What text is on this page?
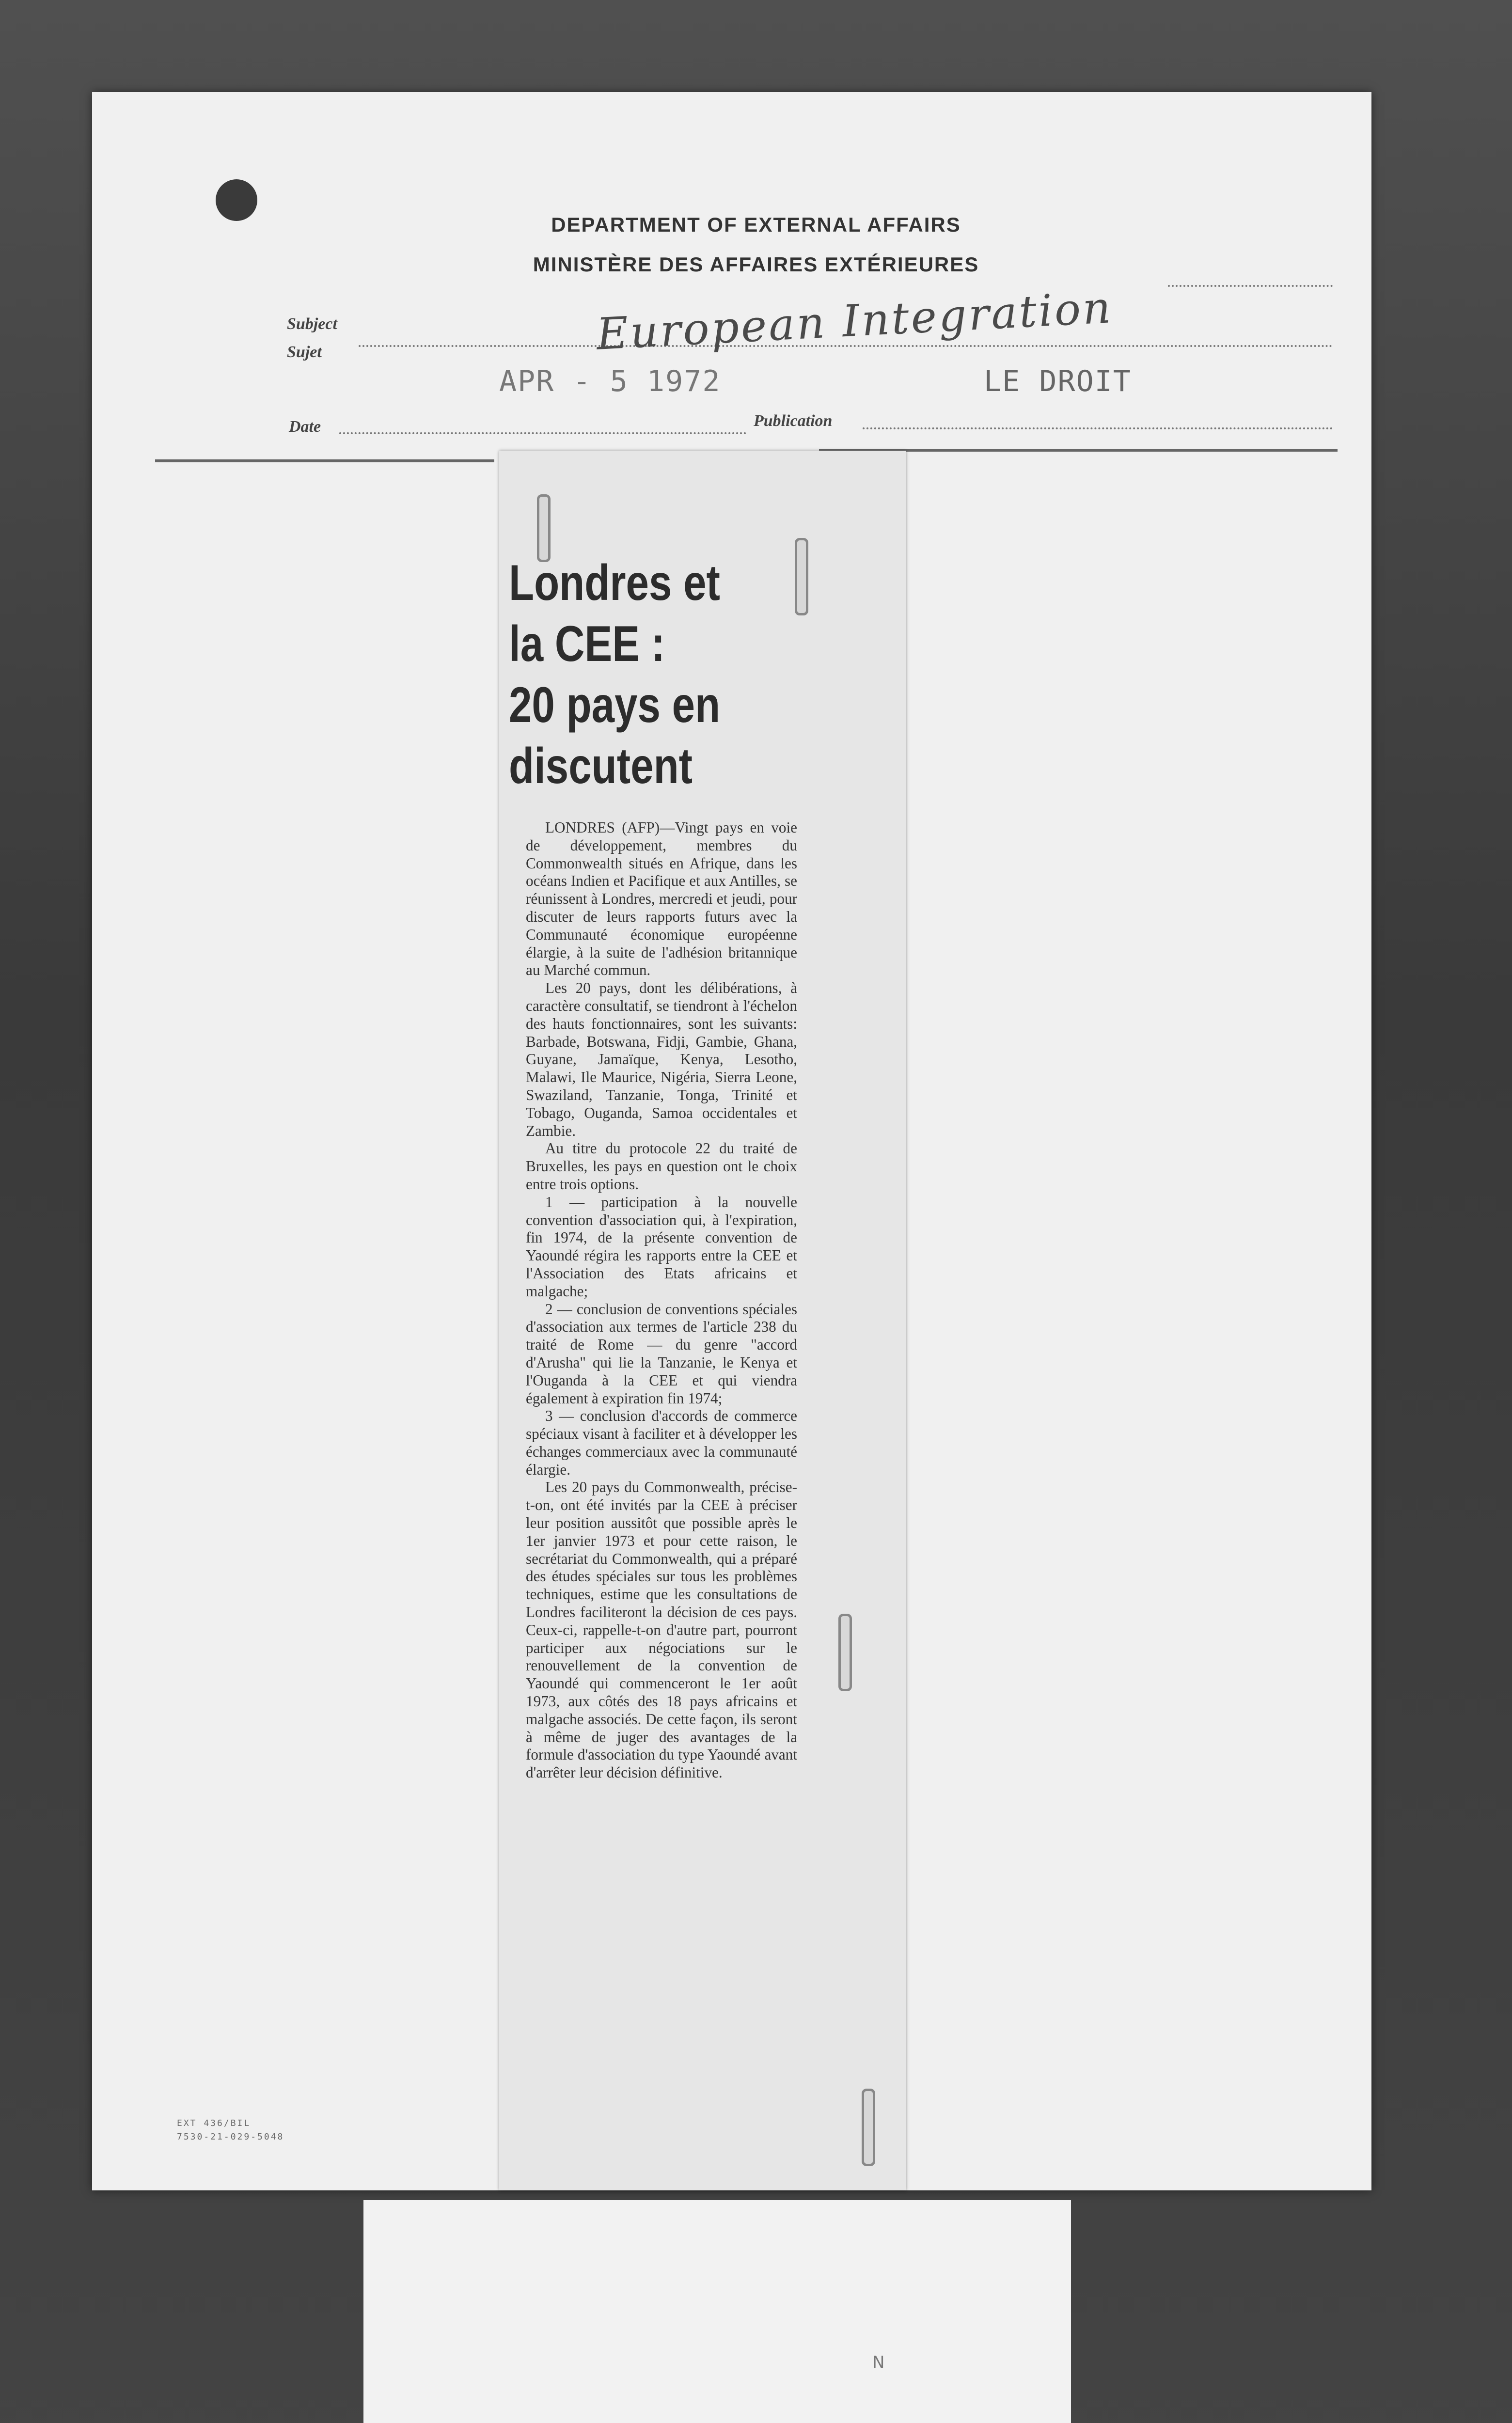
DEPARTMENT OF EXTERNAL AFFAIRS
MINISTÈRE DES AFFAIRES EXTÉRIEURES
Subject
Sujet	European Integration
APR - 5 1972	LE DROIT
Date	Publication
Londres et
la CEE :
20 pays en
discutent

LONDRES (AFP)—Vingt pays en voie de développement, membres du Commonwealth situés en Afrique, dans les océans Indien et Pacifique et aux Antilles, se réunissent à Londres, mercredi et jeudi, pour discuter de leurs rapports futurs avec la Communauté économique européenne élargie, à la suite de l'adhésion britannique au Marché commun.

Les 20 pays, dont les délibérations, à caractère consultatif, se tiendront à l'échelon des hauts fonctionnaires, sont les suivants: Barbade, Botswana, Fidji, Gambie, Ghana, Guyane, Jamaïque, Kenya, Lesotho, Malawi, Ile Maurice, Nigéria, Sierra Leone, Swaziland, Tanzanie, Tonga, Trinité et Tobago, Ouganda, Samoa occidentales et Zambie.

Au titre du protocole 22 du traité de Bruxelles, les pays en question ont le choix entre trois options.

1 — participation à la nouvelle convention d'association qui, à l'expiration, fin 1974, de la présente convention de Yaoundé régira les rapports entre la CEE et l'Association des Etats africains et malgache;

2 — conclusion de conventions spéciales d'association aux termes de l'article 238 du traité de Rome — du genre "accord d'Arusha" qui lie la Tanzanie, le Kenya et l'Ouganda à la CEE et qui viendra également à expiration fin 1974;

3 — conclusion d'accords de commerce spéciaux visant à faciliter et à développer les échanges commerciaux avec la communauté élargie.

Les 20 pays du Commonwealth, précise-t-on, ont été invités par la CEE à préciser leur position aussitôt que possible après le 1er janvier 1973 et pour cette raison, le secrétariat du Commonwealth, qui a préparé des études spéciales sur tous les problèmes techniques, estime que les consultations de Londres faciliteront la décision de ces pays. Ceux-ci, rappelle-t-on d'autre part, pourront participer aux négociations sur le renouvellement de la convention de Yaoundé qui commenceront le 1er août 1973, aux côtés des 18 pays africains et malgache associés. De cette façon, ils seront à même de juger des avantages de la formule d'association du type Yaoundé avant d'arrêter leur décision définitive.

EXT 436/BIL
7530-21-029-5048
N
